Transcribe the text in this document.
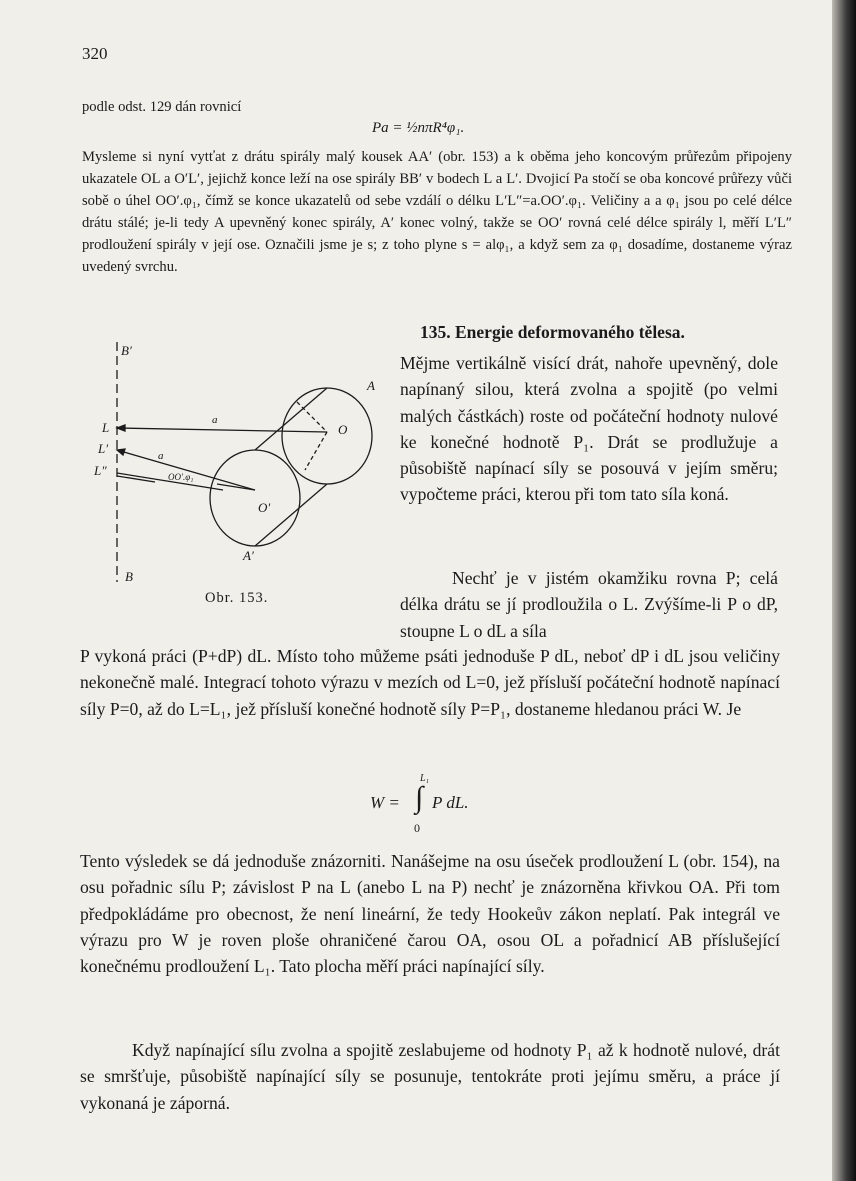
320
podle odst. 129 dán rovnicí
Pa = ½nπR⁴φ₁.
Mysleme si nyní vytťat z drátu spirály malý kousek AA′ (obr. 153) a k oběma jeho koncovým průřezům připojeny ukazatele OL a O′L′, jejichž konce leží na ose spirály BB′ v bodech L a L′. Dvojicí Pa stočí se oba koncové průřezy vůči sobě o úhel OO′.φ₁, čímž se konce ukazatelů od sebe vzdálí o délku L′L″=a.OO′.φ₁. Veličiny a a φ₁ jsou po celé délce drátu stálé; je-li tedy A upevněný konec spirály, A′ konec volný, takže se OO′ rovná celé délce spirály l, měří L′L″ prodloužení spirály v její ose. Označili jsme je s; z toho plyne s = alφ₁, a když sem za φ₁ dosadíme, dostaneme výraz uvedený svrchu.
B′
L
L′
L″
B
A
A′
O
O′
a
a
OO′.φ₁
Obr. 153.
135. Energie deformovaného tělesa.

Mějme vertikálně visící drát, nahoře upevněný, dole napínaný silou, která zvolna a spojitě (po velmi malých částkách) roste od počáteční hodnoty nulové ke konečné hodnotě P₁. Drát se prodlužuje a působiště napínací síly se posouvá v jejím směru; vypočteme práci, kterou při tom tato síla koná.

Nechť je v jistém okamžiku rovna P; celá délka drátu se jí prodloužila o L. Zvýšíme-li P o dP, stoupne L o dL a síla

P vykoná práci (P+dP) dL. Místo toho můžeme psáti jednoduše P dL, neboť dP i dL jsou veličiny nekonečně malé. Integrací tohoto výrazu v mezích od L=0, jež přísluší počáteční hodnotě napínací síly P=0, až do L=L₁, jež přísluší konečné hodnotě síly P=P₁, dostaneme hledanou práci W. Je
W = ∫
L₁
0
P dL.

Tento výsledek se dá jednoduše znázorniti. Nanášejme na osu úseček prodloužení L (obr. 154), na osu pořadnic sílu P; závislost P na L (anebo L na P) nechť je znázorněna křivkou OA. Při tom předpokládáme pro obecnost, že není lineární, že tedy Hookeův zákon neplatí. Pak integrál ve výrazu pro W je roven ploše ohraničené čarou OA, osou OL a pořadnicí AB příslušející konečnému prodloužení L₁. Tato plocha měří práci napínající síly.

Když napínající sílu zvolna a spojitě zeslabujeme od hodnoty P₁ až k hodnotě nulové, drát se smršťuje, působiště napínající síly se posunuje, tentokráte proti jejímu směru, a práce jí vykonaná je záporná.
